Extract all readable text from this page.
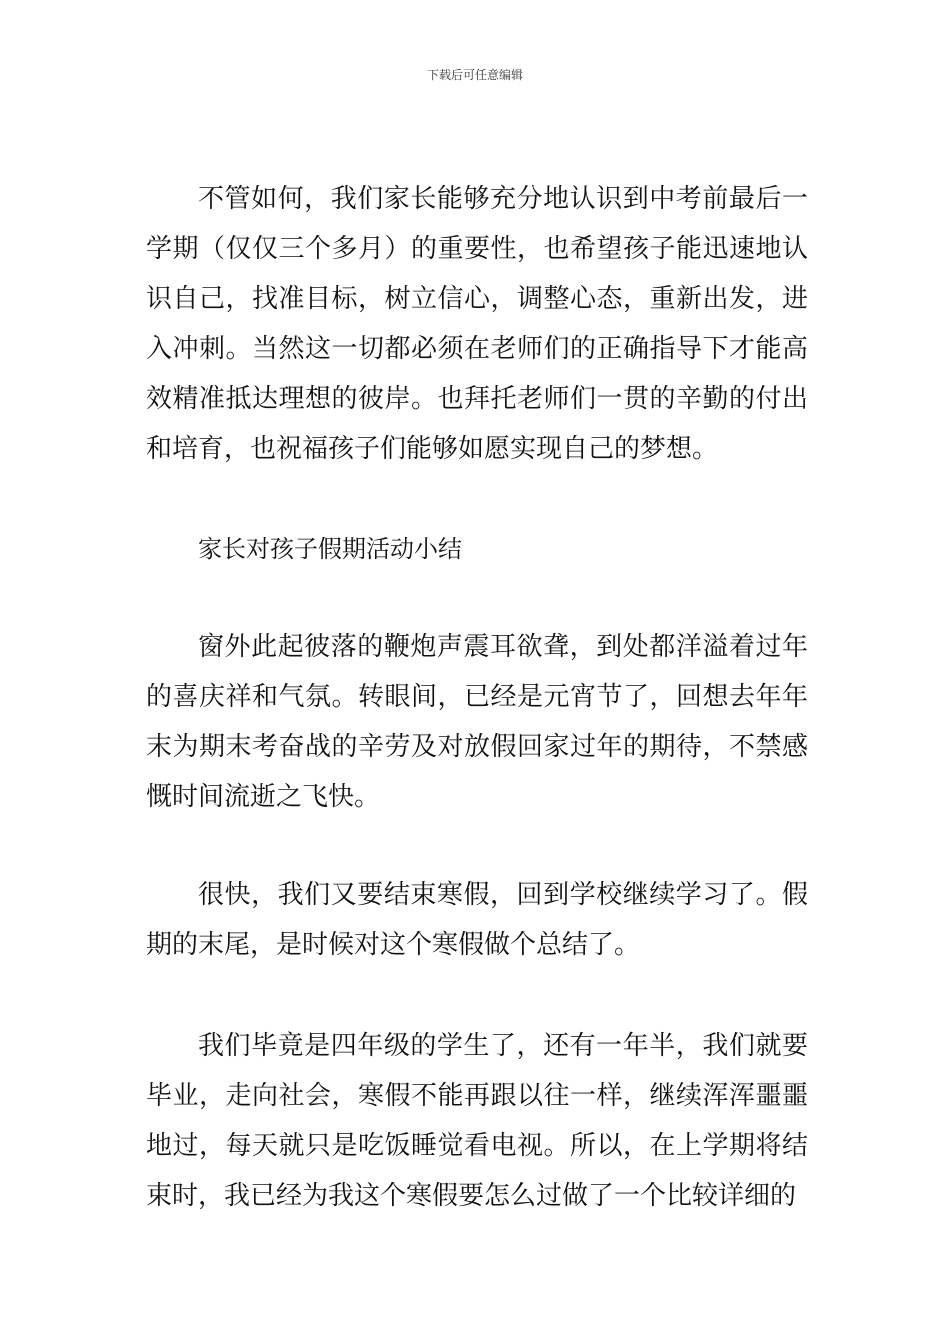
下载后可任意编辑

不管如何，我们家长能够充分地认识到中考前最后一学期（仅仅三个多月）的重要性，也希望孩子能迅速地认识自己，找准目标，树立信心，调整心态，重新出发，进入冲刺。当然这一切都必须在老师们的正确指导下才能高效精准抵达理想的彼岸。也拜托老师们一贯的辛勤的付出和培育，也祝福孩子们能够如愿实现自己的梦想。

家长对孩子假期活动小结

窗外此起彼落的鞭炮声震耳欲聋，到处都洋溢着过年的喜庆祥和气氛。转眼间，已经是元宵节了，回想去年年末为期末考奋战的辛劳及对放假回家过年的期待，不禁感慨时间流逝之飞快。

很快，我们又要结束寒假，回到学校继续学习了。假期的末尾，是时候对这个寒假做个总结了。

我们毕竟是四年级的学生了，还有一年半，我们就要毕业，走向社会，寒假不能再跟以往一样，继续浑浑噩噩地过，每天就只是吃饭睡觉看电视。所以，在上学期将结束时，我已经为我这个寒假要怎么过做了一个比较详细的
